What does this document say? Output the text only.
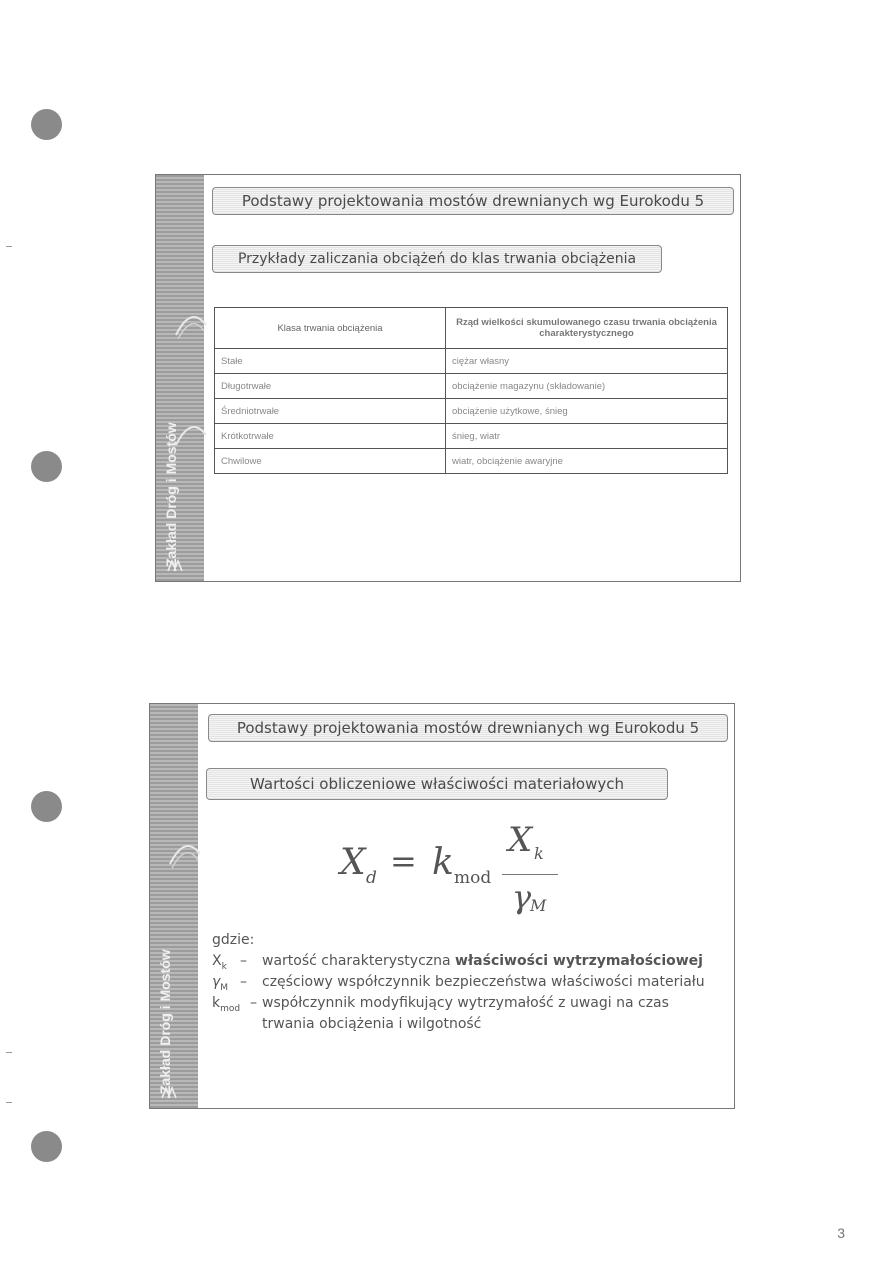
Zakład Dróg i Mostów
Podstawy projektowania mostów drewnianych wg Eurokodu 5
Przykłady zaliczania obciążeń do klas trwania obciążenia
Klasa trwania obciążenia	Rząd wielkości skumulowanego czasu trwania obciążenia charakterystycznego
Stałe	ciężar własny
Długotrwałe	obciążenie magazynu (składowanie)
Średniotrwałe	obciążenie użytkowe, śnieg
Krótkotrwałe	śnieg, wiatr
Chwilowe	wiatr, obciążenie awaryjne
Zakład Dróg i Mostów
Podstawy projektowania mostów drewnianych wg Eurokodu 5
Wartości obliczeniowe właściwości materiałowych
X d = k mod
X k
γ
M
gdzie:
$X_k$ – wartość charakterystyczna właściwości wytrzymałościowej
$\gamma_M$ – częściowy współczynnik bezpieczeństwa właściwości materiału
$k_{mod}$ – współczynnik modyfikujący wytrzymałość z uwagi na czas trwania obciążenia i wilgotność
3
